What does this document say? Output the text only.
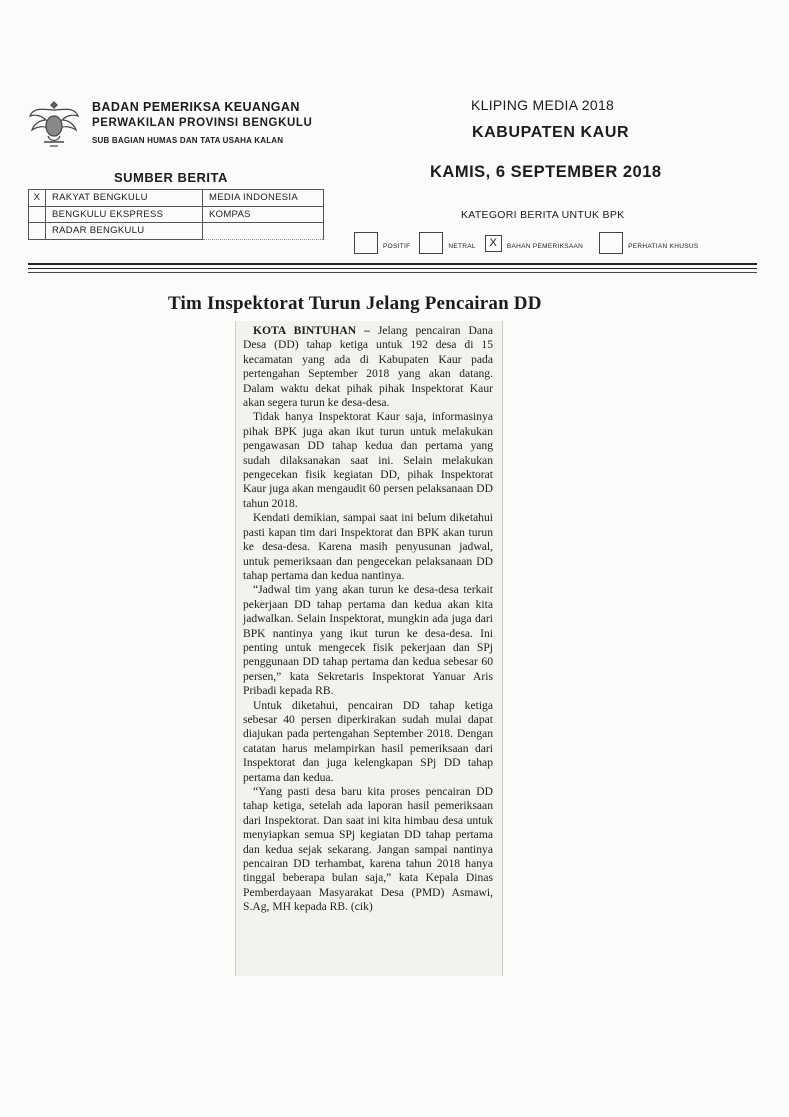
BADAN PEMERIKSA KEUANGAN
PERWAKILAN PROVINSI BENGKULU
SUB BAGIAN HUMAS DAN TATA USAHA KALAN
KLIPING MEDIA 2018
KABUPATEN KAUR
KAMIS, 6 SEPTEMBER 2018
SUMBER BERITA
X	RAKYAT BENGKULU	MEDIA INDONESIA
	BENGKULU EKSPRESS	KOMPAS
	RADAR BENGKULU	
KATEGORI BERITA UNTUK BPK
POSITIF	NETRAL	X	BAHAN PEMERIKSAAN	PERHATIAN KHUSUS
Tim Inspektorat Turun Jelang Pencairan DD

KOTA BINTUHAN – Jelang pencairan Dana Desa (DD) tahap ketiga untuk 192 desa di 15 kecamatan yang ada di Kabupaten Kaur pada pertengahan September 2018 yang akan datang. Dalam waktu dekat pihak pihak Inspektorat Kaur akan segera turun ke desa-desa.

Tidak hanya Inspektorat Kaur saja, informasinya pihak BPK juga akan ikut turun untuk melakukan pengawasan DD tahap kedua dan pertama yang sudah dilaksanakan saat ini. Selain melakukan pengecekan fisik kegiatan DD, pihak Inspektorat Kaur juga akan mengaudit 60 persen pelaksanaan DD tahun 2018.

Kendati demikian, sampai saat ini belum diketahui pasti kapan tim dari Inspektorat dan BPK akan turun ke desa-desa. Karena masih penyusunan jadwal, untuk pemeriksaan dan pengecekan pelaksanaan DD tahap pertama dan kedua nantinya.

“Jadwal tim yang akan turun ke desa-desa terkait pekerjaan DD tahap pertama dan kedua akan kita jadwalkan. Selain Inspektorat, mungkin ada juga dari BPK nantinya yang ikut turun ke desa-desa. Ini penting untuk mengecek fisik pekerjaan dan SPj penggunaan DD tahap pertama dan kedua sebesar 60 persen,” kata Sekretaris Inspektorat Yanuar Aris Pribadi kepada RB.

Untuk diketahui, pencairan DD tahap ketiga sebesar 40 persen diperkirakan sudah mulai dapat diajukan pada pertengahan September 2018. Dengan catatan harus melampirkan hasil pemeriksaan dari Inspektorat dan juga kelengkapan SPj DD tahap pertama dan kedua.

“Yang pasti desa baru kita proses pencairan DD tahap ketiga, setelah ada laporan hasil pemeriksaan dari Inspektorat. Dan saat ini kita himbau desa untuk menyiapkan semua SPj kegiatan DD tahap pertama dan kedua sejak sekarang. Jangan sampai nantinya pencairan DD terhambat, karena tahun 2018 hanya tinggal beberapa bulan saja,” kata Kepala Dinas Pemberdayaan Masyarakat Desa (PMD) Asmawi, S.Ag, MH kepada RB. (cik)
